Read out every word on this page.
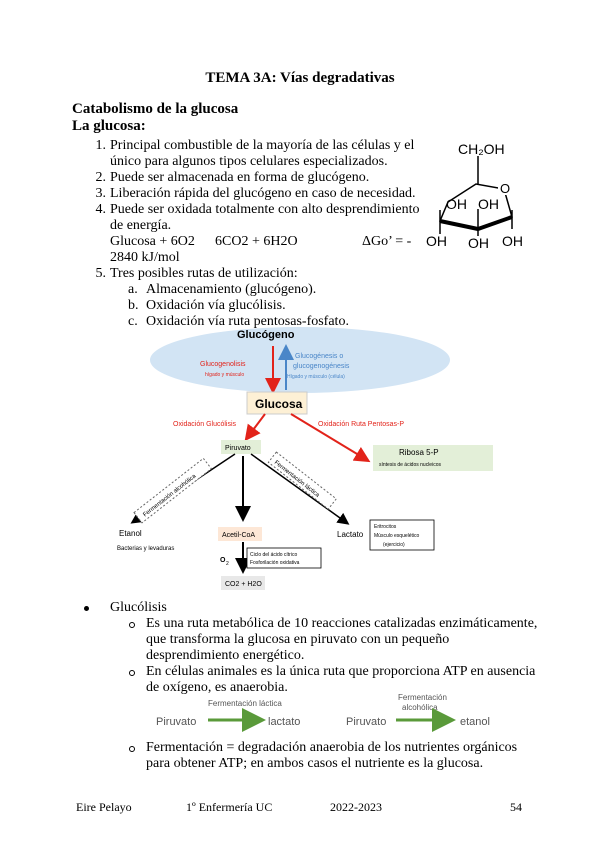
TEMA 3A: Vías degradativas
Catabolismo de la glucosa
La glucosa:
1. Principal combustible de la mayoría de las células y el
único para algunos tipos celulares especializados.
2. Puede ser almacenada en forma de glucógeno.
3. Liberación rápida del glucógeno en caso de necesidad.
4. Puede ser oxidada totalmente con alto desprendimiento
de energía.
Glucosa + 6O2 6CO2 + 6H2O	ΔGo’ = -
2840 kJ/mol
5. Tres posibles rutas de utilización:
a. Almacenamiento (glucógeno).
b. Oxidación vía glucólisis.
c. Oxidación vía ruta pentosas-fosfato.
O
CH₂OH
OH
OH
OH
OH
OH
Glucógeno
Glucogenolisis
hígado y músculo
Glucogénesis o
glucogenogénesis
Hígado y músculo (célula)
Glucosa
Oxidación Glucólisis	Oxidación Ruta Pentosas-P
Piruvato	Ribosa 5-P
síntesis de ácidos nucleicos
Fermentación alcohólica	Fermentación láctica
Etanol
Bacterias y levaduras
Acetil-CoA	Lactato
Eritrocitos
Músculo esquelético
(ejercicio)
O 2
Ciclo del ácido cítrico
Fosforilación oxidativa
CO2 + H2O
Glucólisis
Es una ruta metabólica de 10 reacciones catalizadas enzimáticamente,
que transforma la glucosa en piruvato con un pequeño
desprendimiento energético.
En células animales es la única ruta que proporciona ATP en ausencia
de oxígeno, es anaerobia.
Fermentación láctica
Piruvato	lactato
Fermentación
alcohólica
Piruvato	etanol
Fermentación = degradación anaerobia de los nutrientes orgánicos
para obtener ATP; en ambos casos el nutriente es la glucosa.
Eire Pelayo	1º Enfermería UC	2022-2023	54
